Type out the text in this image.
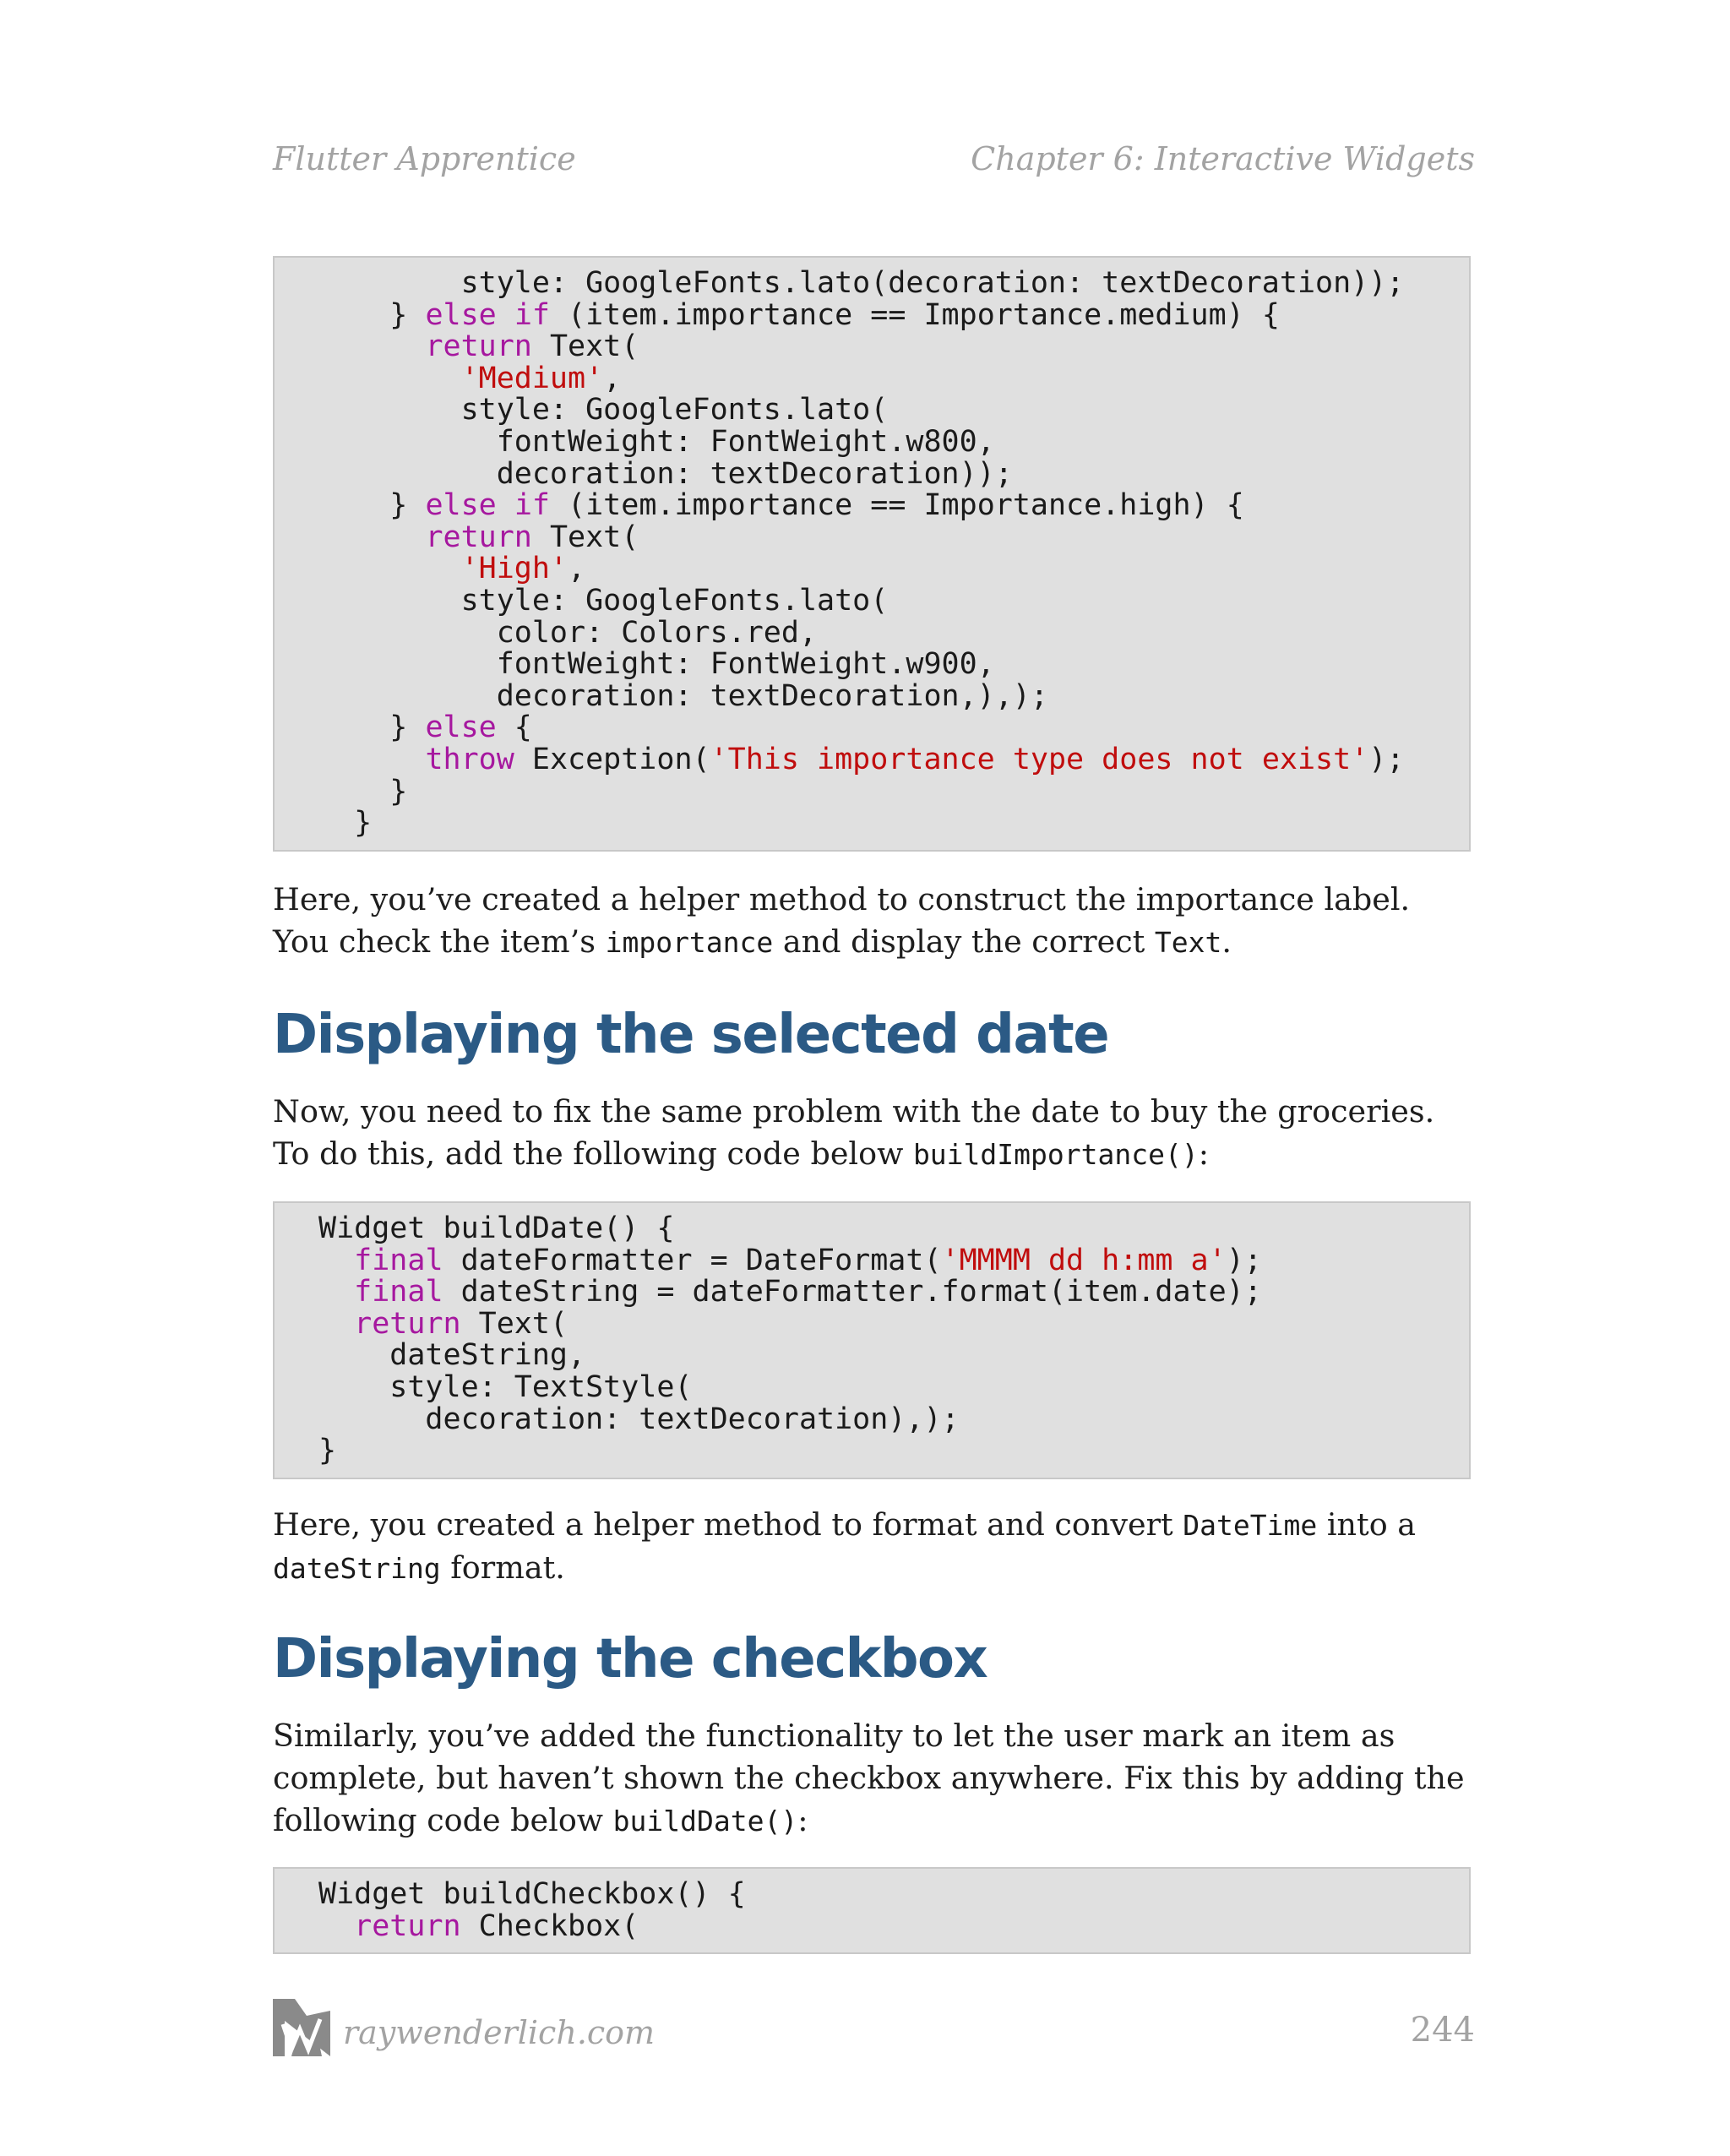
Flutter Apprentice	Chapter 6: Interactive Widgets
style: GoogleFonts.lato(decoration: textDecoration));
} else if (item.importance == Importance.medium) {
return Text(
'Medium',
style: GoogleFonts.lato(
fontWeight: FontWeight.w800,
decoration: textDecoration));
} else if (item.importance == Importance.high) {
return Text(
'High',
style: GoogleFonts.lato(
color: Colors.red,
fontWeight: FontWeight.w900,
decoration: textDecoration,),);
} else {
throw Exception('This importance type does not exist');
}
}

Here, you’ve created a helper method to construct the importance label. You check the item’s importance and display the correct Text.

Displaying the selected date

Now, you need to fix the same problem with the date to buy the groceries. To do this, add the following code below buildImportance():

Widget buildDate() {
final dateFormatter = DateFormat('MMMM dd h:mm a');
final dateString = dateFormatter.format(item.date);
return Text(
dateString,
style: TextStyle(
decoration: textDecoration),);
}

Here, you created a helper method to format and convert DateTime into a dateString format.

Displaying the checkbox

Similarly, you’ve added the functionality to let the user mark an item as complete, but haven’t shown the checkbox anywhere. Fix this by adding the following code below buildDate():

Widget buildCheckbox() {
return Checkbox(
raywenderlich.com	244
